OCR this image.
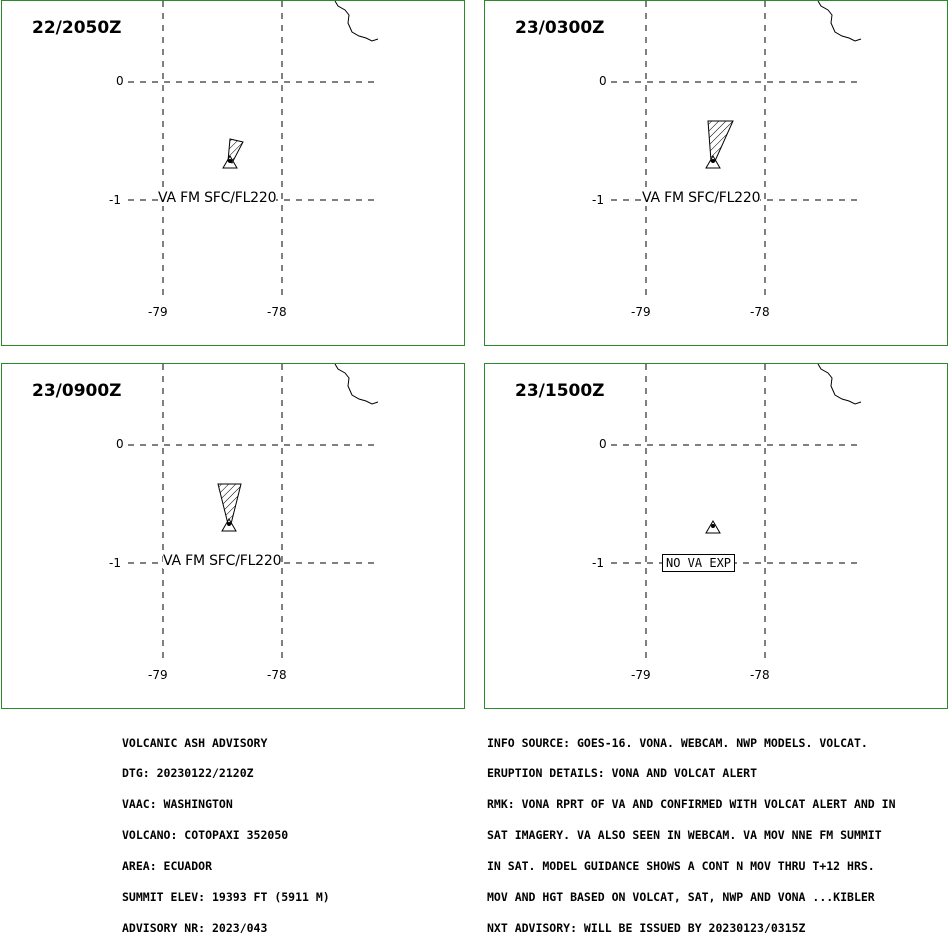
22/2050Z
0
-1
-79	-78
VA FM SFC/FL220
23/0300Z
0
-1
-79	-78
VA FM SFC/FL220
23/0900Z
0
-1
-79	-78
VA FM SFC/FL220
23/1500Z
0
-1
-79	-78
NO VA EXP

VOLCANIC ASH ADVISORY

DTG: 20230122/2120Z

VAAC: WASHINGTON

VOLCANO: COTOPAXI 352050

AREA: ECUADOR

SUMMIT ELEV: 19393 FT (5911 M)

ADVISORY NR: 2023/043

INFO SOURCE: GOES-16. VONA. WEBCAM. NWP MODELS. VOLCAT.

ERUPTION DETAILS: VONA AND VOLCAT ALERT

RMK: VONA RPRT OF VA AND CONFIRMED WITH VOLCAT ALERT AND IN

SAT IMAGERY. VA ALSO SEEN IN WEBCAM. VA MOV NNE FM SUMMIT

IN SAT. MODEL GUIDANCE SHOWS A CONT N MOV THRU T+12 HRS.

MOV AND HGT BASED ON VOLCAT, SAT, NWP AND VONA ...KIBLER

NXT ADVISORY: WILL BE ISSUED BY 20230123/0315Z
